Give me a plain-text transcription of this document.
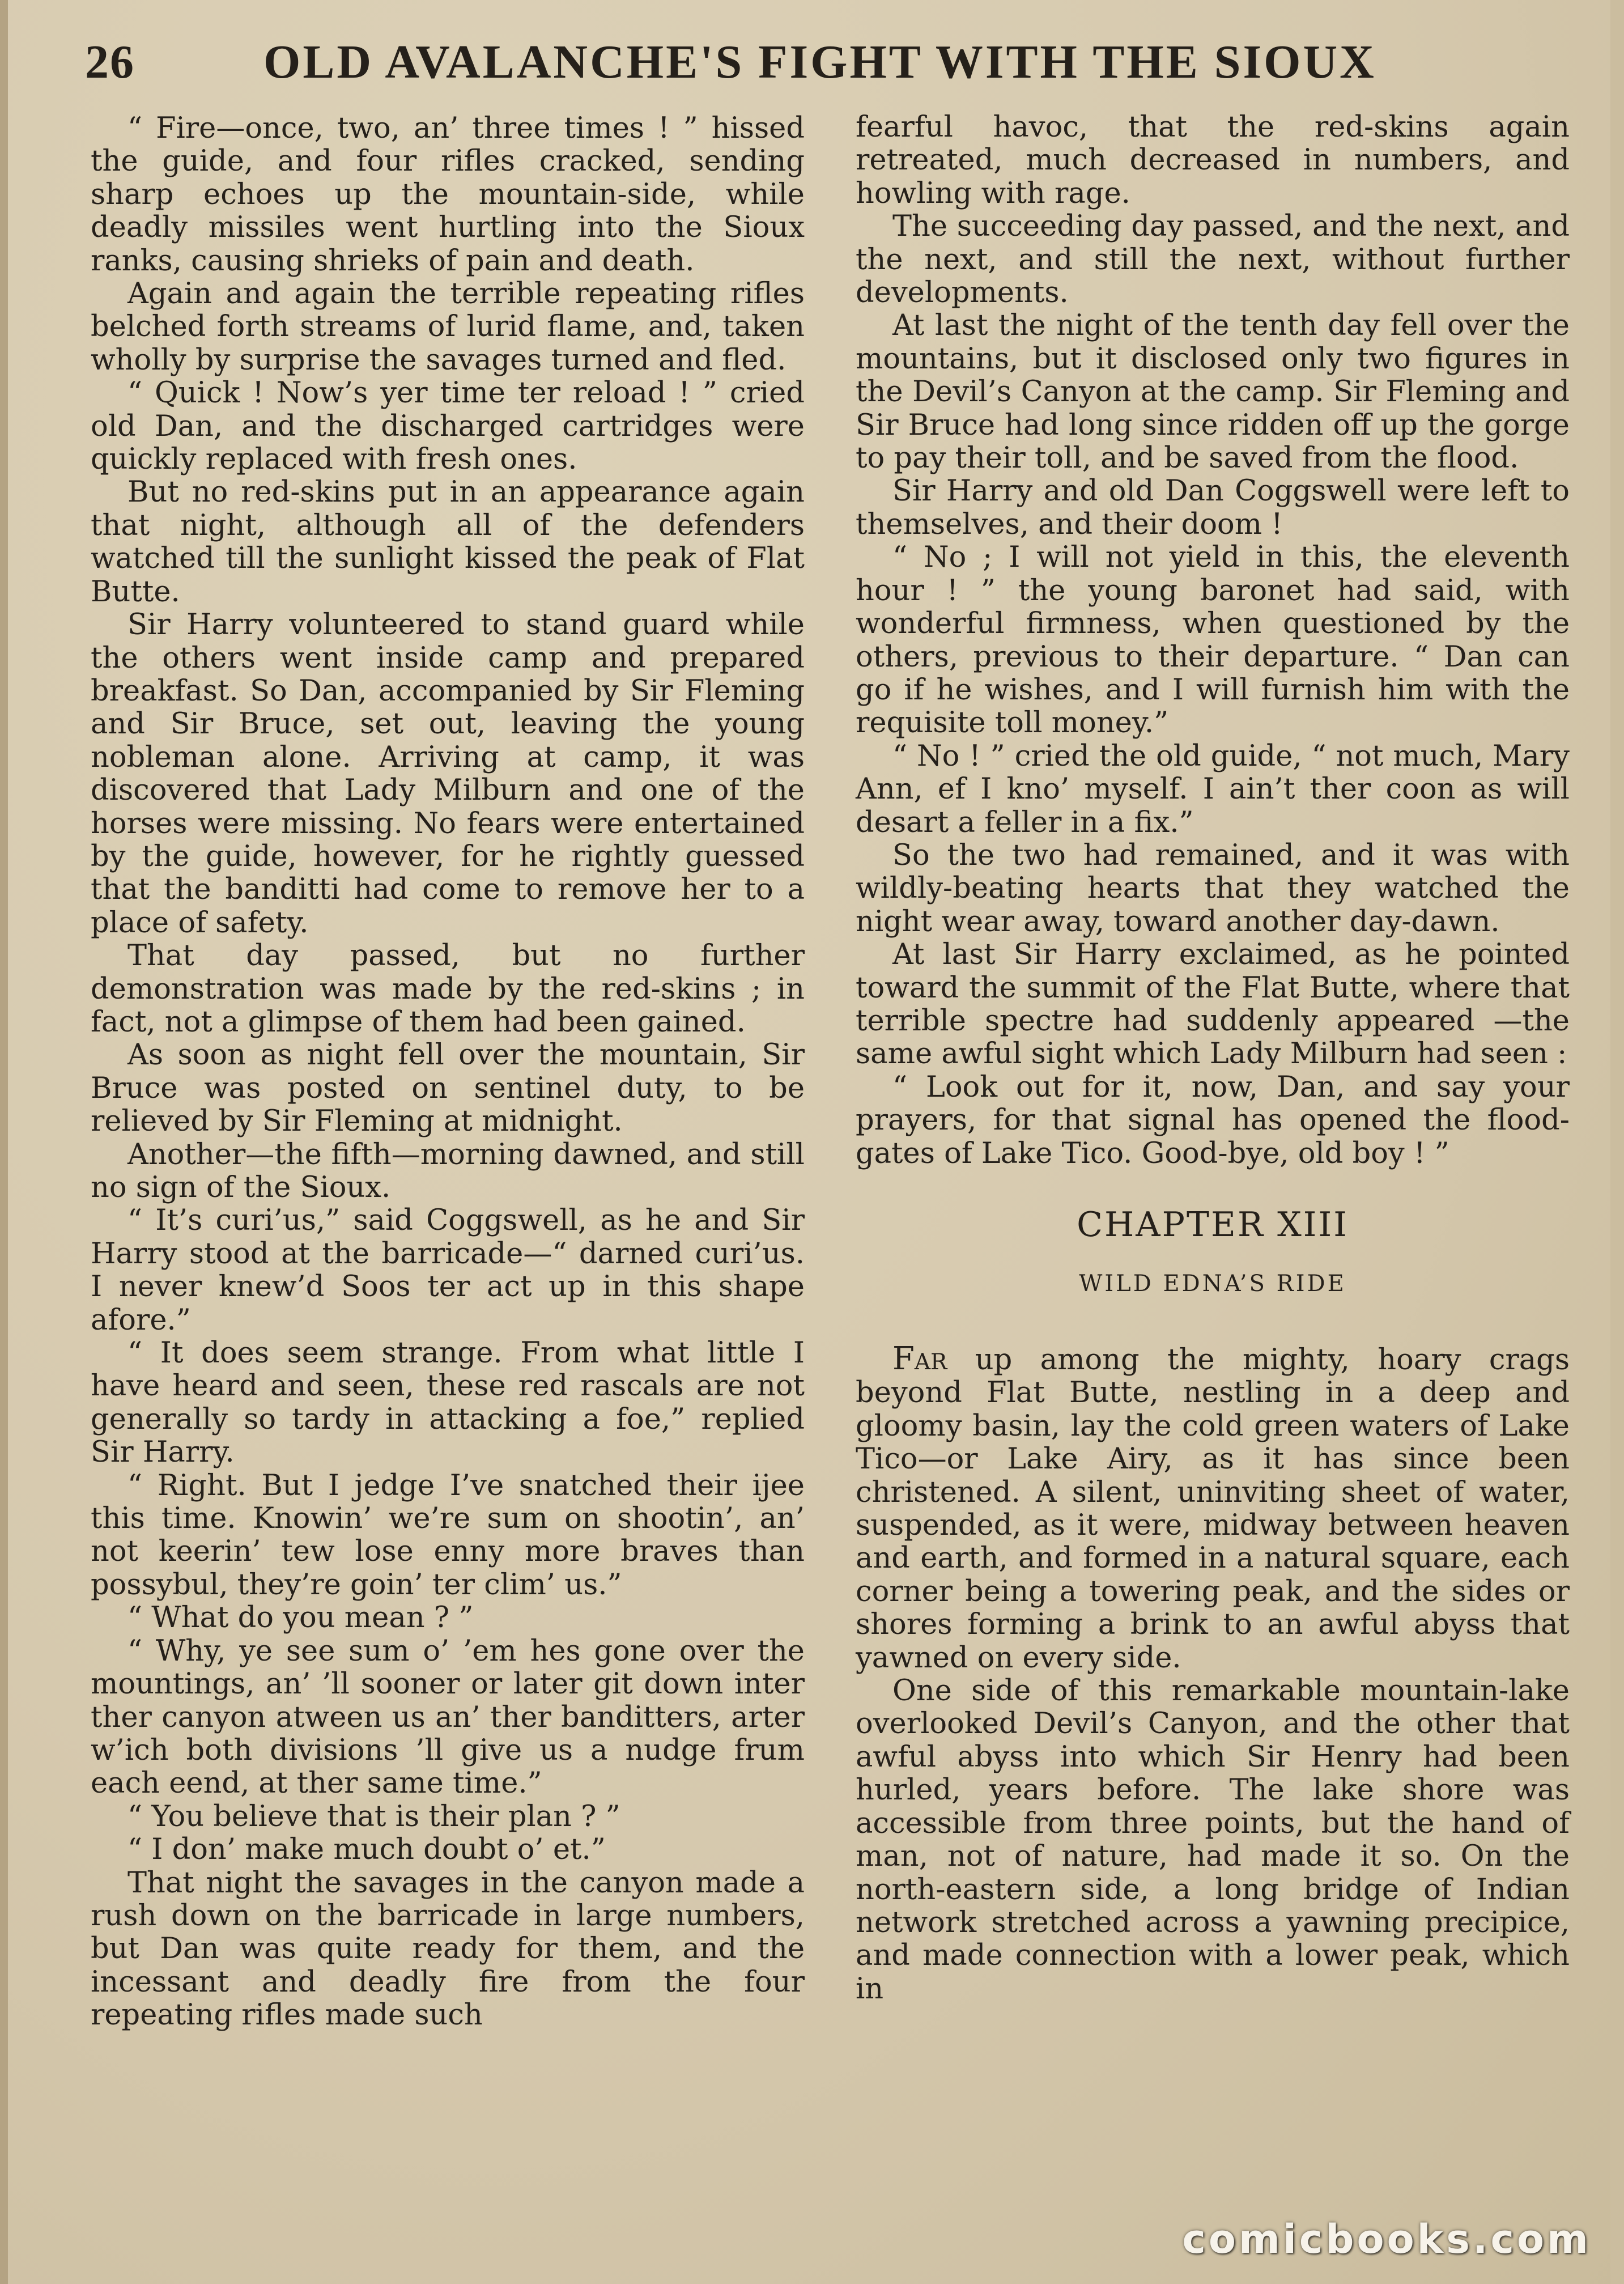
26	OLD AVALANCHE'S FIGHT WITH THE SIOUX

“ Fire—once, two, an’ three times ! ” hissed the guide, and four rifles cracked, sending sharp echoes up the mountain-side, while deadly missiles went hurtling into the Sioux ranks, causing shrieks of pain and death.

Again and again the terrible repeating rifles belched forth streams of lurid flame, and, taken wholly by surprise the savages turned and fled.

“ Quick ! Now’s yer time ter reload ! ” cried old Dan, and the discharged cartridges were quickly replaced with fresh ones.

But no red-skins put in an appearance again that night, although all of the defenders watched till the sunlight kissed the peak of Flat Butte.

Sir Harry volunteered to stand guard while the others went inside camp and prepared breakfast. So Dan, accompanied by Sir Fleming and Sir Bruce, set out, leaving the young nobleman alone. Arriving at camp, it was discovered that Lady Milburn and one of the horses were missing. No fears were entertained by the guide, however, for he rightly guessed that the banditti had come to remove her to a place of safety.

That day passed, but no further demonstration was made by the red-skins ; in fact, not a glimpse of them had been gained.

As soon as night fell over the mountain, Sir Bruce was posted on sentinel duty, to be relieved by Sir Fleming at midnight.

Another—the fifth—morning dawned, and still no sign of the Sioux.

“ It’s curi’us,” said Coggswell, as he and Sir Harry stood at the barricade—“ darned curi’us. I never knew’d Soos ter act up in this shape afore.”

“ It does seem strange. From what little I have heard and seen, these red rascals are not generally so tardy in attacking a foe,” replied Sir Harry.

“ Right. But I jedge I’ve snatched their ijee this time. Knowin’ we’re sum on shootin’, an’ not keerin’ tew lose enny more braves than possybul, they’re goin’ ter clim’ us.”

“ What do you mean ? ”

“ Why, ye see sum o’ ’em hes gone over the mountings, an’ ’ll sooner or later git down inter ther canyon atween us an’ ther banditters, arter w’ich both divisions ’ll give us a nudge frum each eend, at ther same time.”

“ You believe that is their plan ? ”

“ I don’ make much doubt o’ et.”

That night the savages in the canyon made a rush down on the barricade in large numbers, but Dan was quite ready for them, and the incessant and deadly fire from the four repeating rifles made such

fearful havoc, that the red-skins again retreated, much decreased in numbers, and howling with rage.

The succeeding day passed, and the next, and the next, and still the next, without further developments.

At last the night of the tenth day fell over the mountains, but it disclosed only two figures in the Devil’s Canyon at the camp. Sir Fleming and Sir Bruce had long since ridden off up the gorge to pay their toll, and be saved from the flood.

Sir Harry and old Dan Coggswell were left to themselves, and their doom !

“ No ; I will not yield in this, the eleventh hour ! ” the young baronet had said, with wonderful firmness, when questioned by the others, previous to their departure. “ Dan can go if he wishes, and I will furnish him with the requisite toll money.”

“ No ! ” cried the old guide, “ not much, Mary Ann, ef I kno’ myself. I ain’t ther coon as will desart a feller in a fix.”

So the two had remained, and it was with wildly-beating hearts that they watched the night wear away, toward another day-dawn.

At last Sir Harry exclaimed, as he pointed toward the summit of the Flat Butte, where that terrible spectre had suddenly appeared —the same awful sight which Lady Milburn had seen :

“ Look out for it, now, Dan, and say your prayers, for that signal has opened the flood-gates of Lake Tico. Good-bye, old boy ! ”

CHAPTER XIII
WILD EDNA’S RIDE

Far up among the mighty, hoary crags beyond Flat Butte, nestling in a deep and gloomy basin, lay the cold green waters of Lake Tico—or Lake Airy, as it has since been christened. A silent, uninviting sheet of water, suspended, as it were, midway between heaven and earth, and formed in a natural square, each corner being a towering peak, and the sides or shores forming a brink to an awful abyss that yawned on every side.

One side of this remarkable mountain-lake overlooked Devil’s Canyon, and the other that awful abyss into which Sir Henry had been hurled, years before. The lake shore was accessible from three points, but the hand of man, not of nature, had made it so. On the north-eastern side, a long bridge of Indian network stretched across a yawning precipice, and made connection with a lower peak, which in

comicbooks.com
